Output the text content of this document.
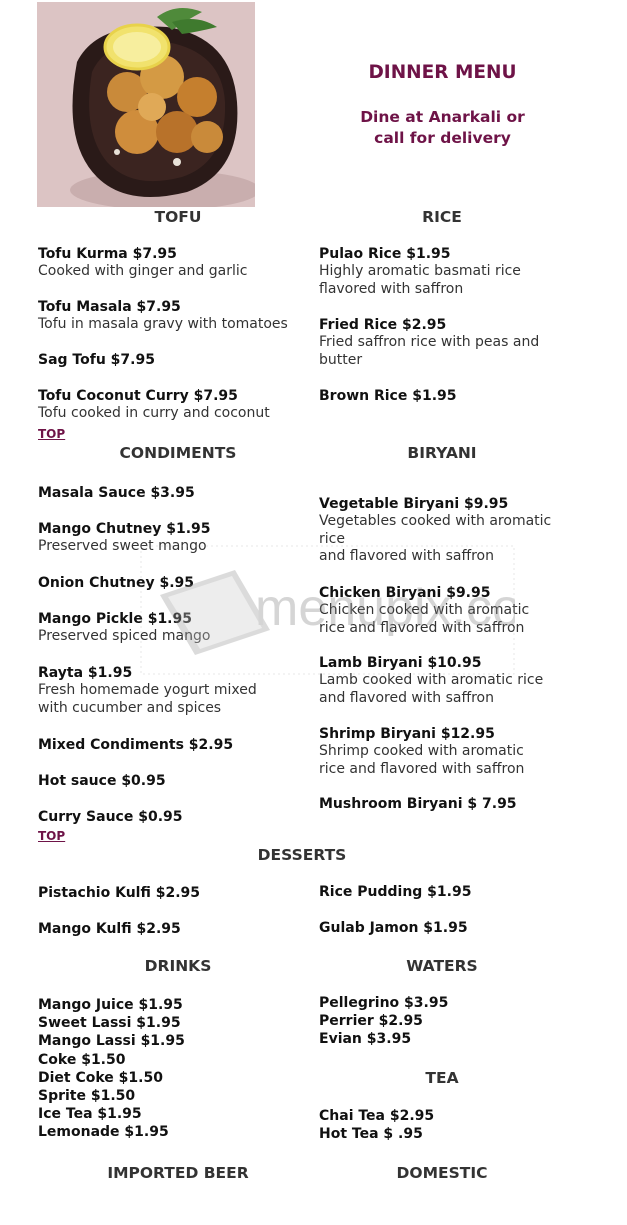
DINNER MENU
Dine at Anarkali or
call for delivery
TOFU
Tofu Kurma $7.95
Cooked with ginger and garlic
Tofu Masala $7.95
Tofu in masala gravy with tomatoes
Sag Tofu $7.95
Tofu Coconut Curry $7.95
Tofu cooked in curry and coconut
TOP
RICE
Pulao Rice $1.95
Highly aromatic basmati rice flavored with saffron
Fried Rice $2.95
Fried saffron rice with peas and butter
Brown Rice $1.95
CONDIMENTS
Masala Sauce $3.95
Mango Chutney $1.95
Preserved sweet mango
Onion Chutney $.95
Mango Pickle $1.95
Preserved spiced mango
Rayta $1.95
Fresh homemade yogurt mixed with cucumber and spices
Mixed Condiments $2.95
Hot sauce $0.95
Curry Sauce $0.95
TOP
BIRYANI
Vegetable Biryani $9.95
Vegetables cooked with aromatic rice
and flavored with saffron
Chicken Biryani $9.95
Chicken cooked with aromatic rice and flavored with saffron
Lamb Biryani $10.95
Lamb cooked with aromatic rice and flavored with saffron
Shrimp Biryani $12.95
Shrimp cooked with aromatic rice and flavored with saffron
Mushroom Biryani $ 7.95
menupix.co
DESSERTS
Pistachio Kulfi $2.95
Mango Kulfi $2.95
Rice Pudding $1.95
Gulab Jamon $1.95
DRINKS
Mango Juice $1.95
Sweet Lassi $1.95
Mango Lassi $1.95
Coke $1.50
Diet Coke $1.50
Sprite $1.50
Ice Tea $1.95
Lemonade $1.95
WATERS
Pellegrino $3.95
Perrier $2.95
Evian $3.95
TEA
Chai Tea $2.95
Hot Tea $ .95
IMPORTED BEER	DOMESTIC
